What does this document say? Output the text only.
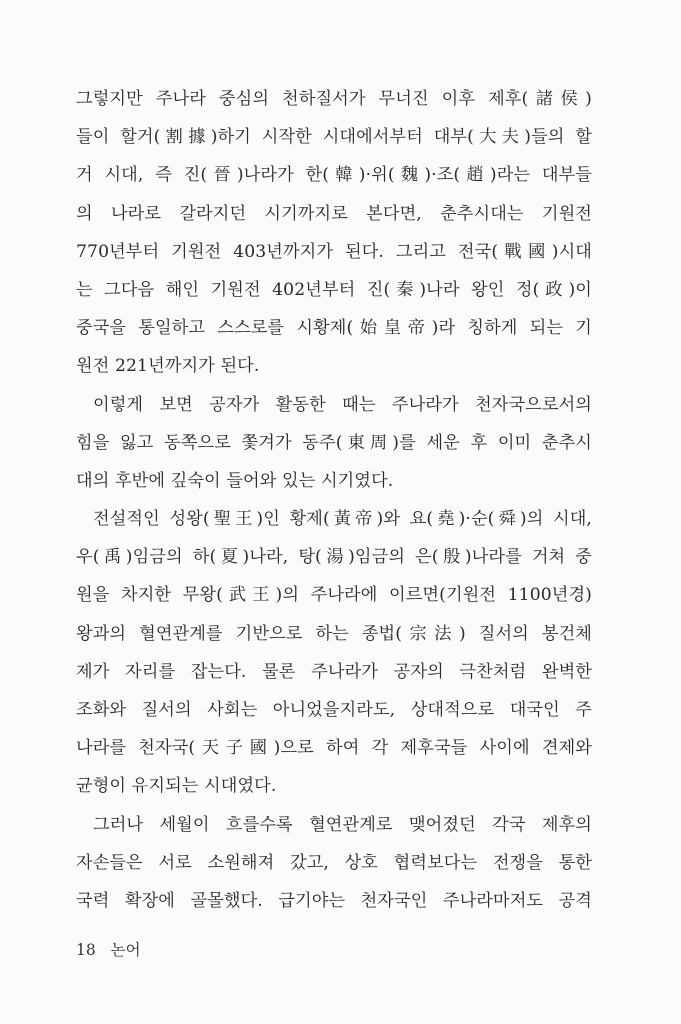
그렇지만 주나라 중심의 천하질서가 무너진 이후 제후(諸侯)
들이 할거(割據)하기 시작한 시대에서부터 대부(大夫)들의 할
거 시대, 즉 진(晉)나라가 한(韓)·위(魏)·조(趙)라는 대부들
의 나라로 갈라지던 시기까지로 본다면, 춘추시대는 기원전
770년부터 기원전 403년까지가 된다. 그리고 전국(戰國)시대
는 그다음 해인 기원전 402년부터 진(秦)나라 왕인 정(政)이
중국을 통일하고 스스로를 시황제(始皇帝)라 칭하게 되는 기
원전 221년까지가 된다.
이렇게 보면 공자가 활동한 때는 주나라가 천자국으로서의
힘을 잃고 동쪽으로 쫓겨가 동주(東周)를 세운 후 이미 춘추시
대의 후반에 깊숙이 들어와 있는 시기였다.
전설적인 성왕(聖王)인 황제(黃帝)와 요(堯)·순(舜)의 시대,
우(禹)임금의 하(夏)나라, 탕(湯)임금의 은(殷)나라를 거쳐 중
원을 차지한 무왕(武王)의 주나라에 이르면(기원전 1100년경)
왕과의 혈연관계를 기반으로 하는 종법(宗法) 질서의 봉건체
제가 자리를 잡는다. 물론 주나라가 공자의 극찬처럼 완벽한
조화와 질서의 사회는 아니었을지라도, 상대적으로 대국인 주
나라를 천자국(天子國)으로 하여 각 제후국들 사이에 견제와
균형이 유지되는 시대였다.
그러나 세월이 흐를수록 혈연관계로 맺어졌던 각국 제후의
자손들은 서로 소원해져 갔고, 상호 협력보다는 전쟁을 통한
국력 확장에 골몰했다. 급기야는 천자국인 주나라마저도 공격
18 논어
